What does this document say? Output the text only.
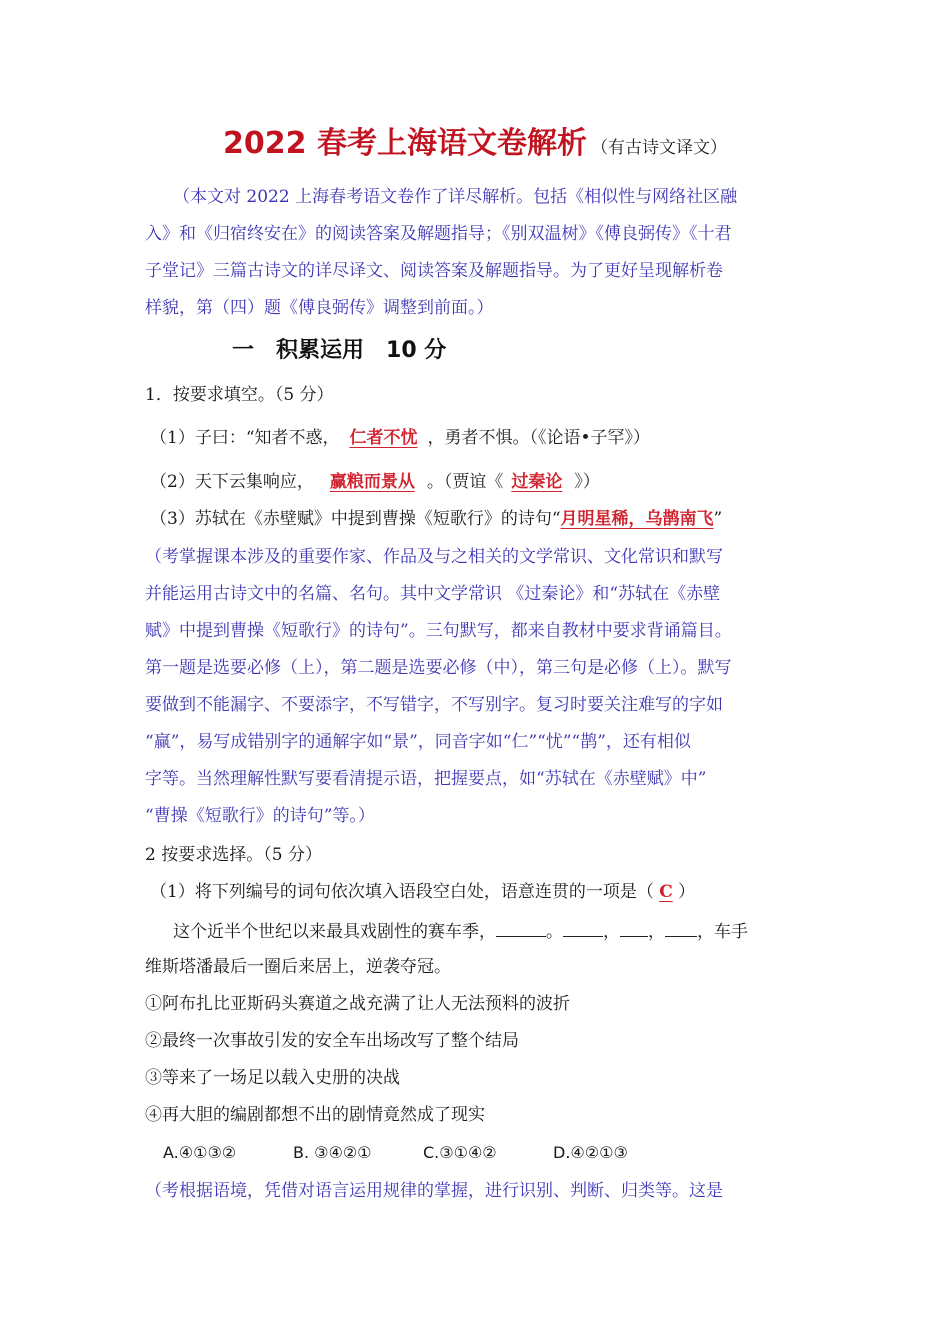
2022 春考上海语文卷解析 （有古诗文译文）
（本文对 2022 上海春考语文卷作了详尽解析。包括《相似性与网络社区融
入》和《归宿终安在》的阅读答案及解题指导；《别双温树》《傅良弼传》《十君
子堂记》三篇古诗文的详尽译文、阅读答案及解题指导。为了更好呈现解析卷
样貌，第（四）题《傅良弼传》调整到前面。）
一 积累运用 10 分
1．按要求填空。（5 分）
（1）子曰：“知者不惑， 仁者不忧 ，勇者不惧。（《论语•子罕》）
（2）天下云集响应， 赢粮而景从 。（贾谊《 过秦论 》）
（3）苏轼在《赤壁赋》中提到曹操《短歌行》的诗句“月明星稀，乌鹊南飞”
（考掌握课本涉及的重要作家、作品及与之相关的文学常识、文化常识和默写
并能运用古诗文中的名篇、名句。其中文学常识 《过秦论》和“苏轼在《赤壁
赋》中提到曹操《短歌行》的诗句”。三句默写，都来自教材中要求背诵篇目。
第一题是选要必修（上），第二题是选要必修（中），第三句是必修（上）。默写
要做到不能漏字、不要添字，不写错字，不写别字。复习时要关注难写的字如
“赢”，易写成错别字的通解字如“景”，同音字如“仁”“忧”“鹊”，还有相似
字等。当然理解性默写要看清提示语，把握要点，如“苏轼在《赤壁赋》中”
“曹操《短歌行》的诗句”等。）
2 按要求选择。（5 分）
（1）将下列编号的词句依次填入语段空白处，语意连贯的一项是（ C ）
这个近半个世纪以来最具戏剧性的赛车季，	。 ， ， ，车手
维斯塔潘最后一圈后来居上，逆袭夺冠。
①阿布扎比亚斯码头赛道之战充满了让人无法预料的波折
②最终一次事故引发的安全车出场改写了整个结局
③等来了一场足以载入史册的决战
④再大胆的编剧都想不出的剧情竟然成了现实
A.④①③②	B. ③④②①	C.③①④②	D.④②①③
（考根据语境，凭借对语言运用规律的掌握，进行识别、判断、归类等。这是
